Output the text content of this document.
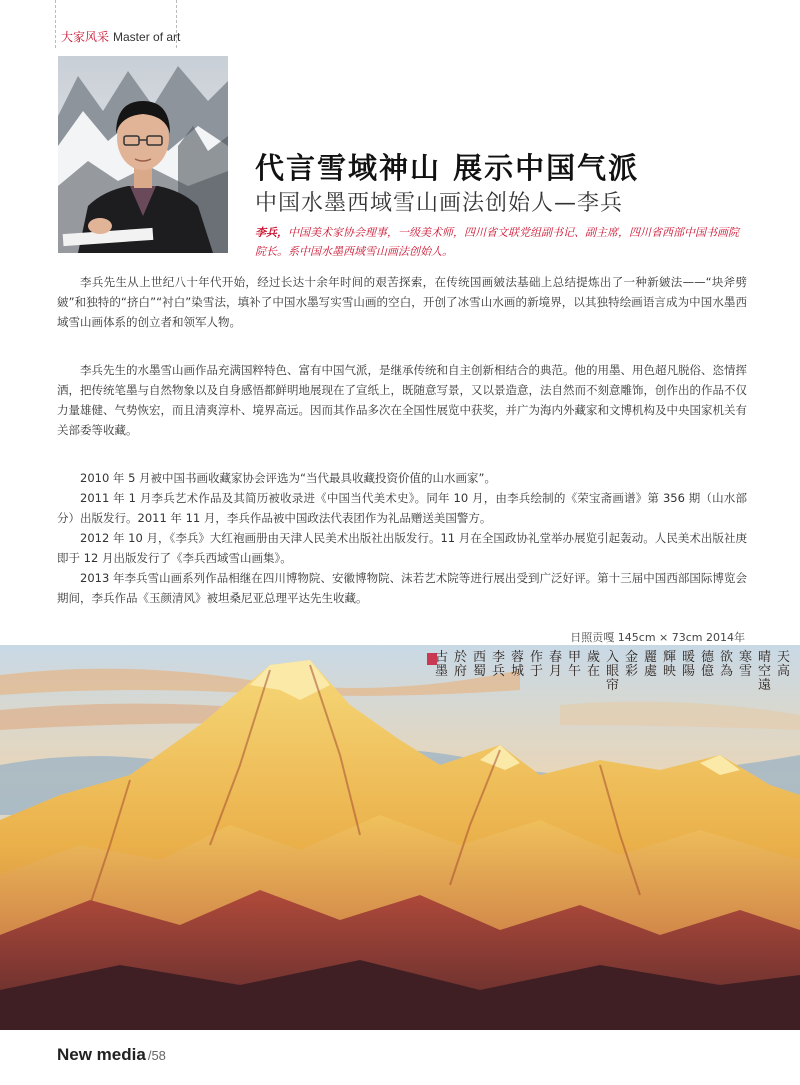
大家风采 Master of art
代言雪域神山 展示中国气派
中国水墨西域雪山画法创始人—李兵

李兵，中国美术家协会理事，一级美术师，四川省文联党组副书记、副主席，四川省西部中国书画院院长。系中国水墨西域雪山画法创始人。

李兵先生从上世纪八十年代开始，经过长达十余年时间的艰苦探索，在传统国画皴法基础上总结提炼出了一种新皴法——“块斧劈皴”和独特的“挤白”“衬白”染雪法，填补了中国水墨写实雪山画的空白，开创了冰雪山水画的新境界，以其独特绘画语言成为中国水墨西域雪山画体系的创立者和领军人物。

李兵先生的水墨雪山画作品充满国粹特色、富有中国气派，是继承传统和自主创新相结合的典范。他的用墨、用色超凡脱俗、恣情挥洒，把传统笔墨与自然物象以及自身感悟都鲜明地展现在了宣纸上，既随意写景，又以景造意，法自然而不刻意雕饰，创作出的作品不仅力量雄健、气势恢宏，而且清爽淳朴、境界高远。因而其作品多次在全国性展览中获奖，并广为海内外藏家和文博机构及中央国家机关有关部委等收藏。

2010 年 5 月被中国书画收藏家协会评选为“当代最具收藏投资价值的山水画家”。

2011 年 1 月李兵艺术作品及其简历被收录进《中国当代美术史》。同年 10 月，由李兵绘制的《荣宝斋画谱》第 356 期（山水部分）出版发行。2011 年 11 月，李兵作品被中国政法代表团作为礼品赠送美国警方。

2012 年 10 月，《李兵》大红袍画册由天津人民美术出版社出版发行。11 月在全国政协礼堂举办展览引起轰动。人民美术出版社庚即于 12 月出版发行了《李兵西域雪山画集》。

2013 年李兵雪山画系列作品相继在四川博物院、安徽博物院、沫若艺术院等进行展出受到广泛好评。第十三届中国西部国际博览会期间，李兵作品《玉颜清风》被坦桑尼亚总理平达先生收藏。

日照贡嘎 145cm × 73cm 2014年
天
高
晴
空
遠
寒
雪
欲
為
德
億
暖
陽
輝
映
麗
處
金
彩
入
眼
帘
歲
在
甲
午
春
月
作
于
蓉
城
李
兵
西
蜀
於
府
古
墨
New media /58
